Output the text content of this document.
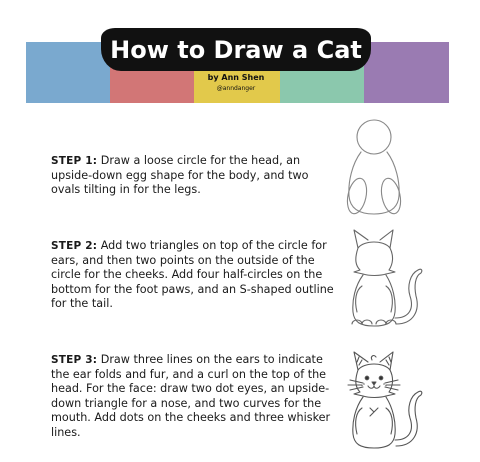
How to Draw a Cat
by Ann Shen
@anndanger
STEP 1: Draw a loose circle for the head, an upside-down egg shape for the body, and two ovals tilting in for the legs.
STEP 2: Add two triangles on top of the circle for ears, and then two points on the outside of the circle for the cheeks. Add four half-circles on the bottom for the foot paws, and an S-shaped outline for the tail.
STEP 3: Draw three lines on the ears to indicate the ear folds and fur, and a curl on the top of the head. For the face: draw two dot eyes, an upside-down triangle for a nose, and two curves for the mouth. Add dots on the cheeks and three whisker lines.
